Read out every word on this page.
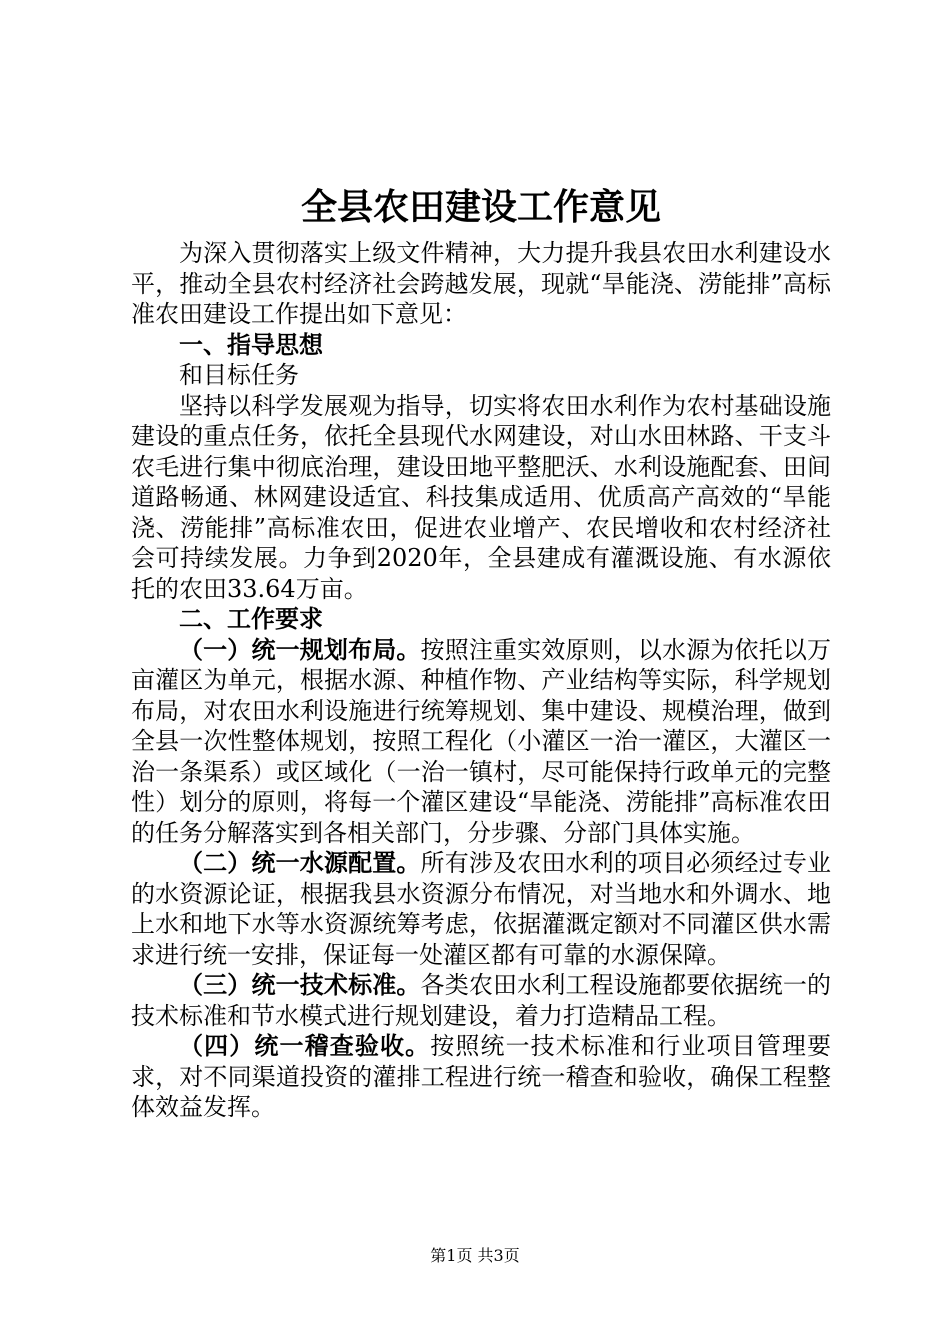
全县农田建设工作意见

为深入贯彻落实上级文件精神，大力提升我县农田水利建设水平，推动全县农村经济社会跨越发展，现就“旱能浇、涝能排”高标准农田建设工作提出如下意见：

一、指导思想

和目标任务

坚持以科学发展观为指导，切实将农田水利作为农村基础设施建设的重点任务，依托全县现代水网建设，对山水田林路、干支斗农毛进行集中彻底治理，建设田地平整肥沃、水利设施配套、田间道路畅通、林网建设适宜、科技集成适用、优质高产高效的“旱能浇、涝能排”高标准农田，促进农业增产、农民增收和农村经济社会可持续发展。力争到2020年，全县建成有灌溉设施、有水源依托的农田33.64万亩。

二、工作要求

（一）统一规划布局。按照注重实效原则，以水源为依托以万亩灌区为单元，根据水源、种植作物、产业结构等实际，科学规划布局，对农田水利设施进行统筹规划、集中建设、规模治理，做到全县一次性整体规划，按照工程化（小灌区一治一灌区，大灌区一治一条渠系）或区域化（一治一镇村，尽可能保持行政单元的完整性）划分的原则，将每一个灌区建设“旱能浇、涝能排”高标准农田的任务分解落实到各相关部门，分步骤、分部门具体实施。

（二）统一水源配置。所有涉及农田水利的项目必须经过专业的水资源论证，根据我县水资源分布情况，对当地水和外调水、地上水和地下水等水资源统筹考虑，依据灌溉定额对不同灌区供水需求进行统一安排，保证每一处灌区都有可靠的水源保障。

（三）统一技术标准。各类农田水利工程设施都要依据统一的技术标准和节水模式进行规划建设，着力打造精品工程。

（四）统一稽查验收。按照统一技术标准和行业项目管理要求，对不同渠道投资的灌排工程进行统一稽查和验收，确保工程整体效益发挥。

第1页 共3页
